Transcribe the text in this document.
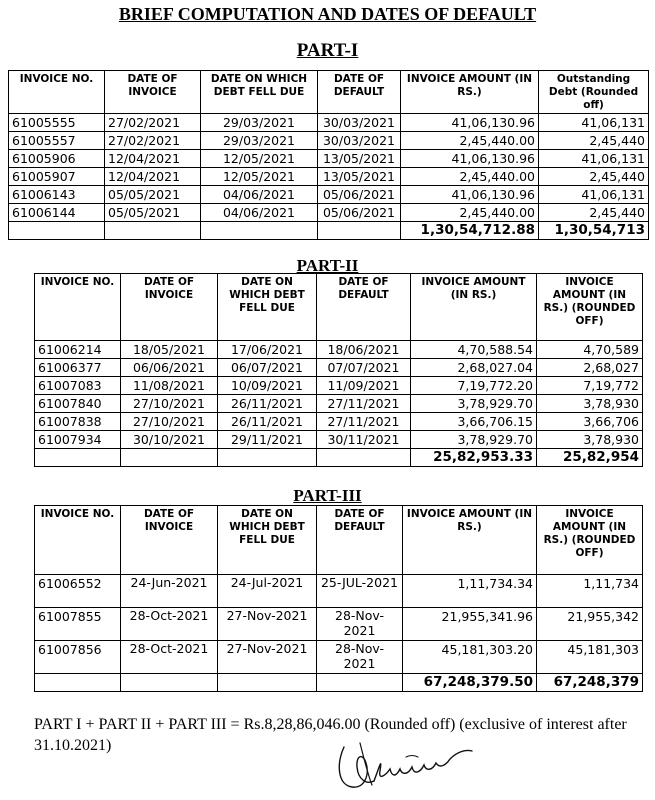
BRIEF COMPUTATION AND DATES OF DEFAULT
PART-I
INVOICE NO.	DATE OF INVOICE	DATE ON WHICH DEBT FELL DUE	DATE OF DEFAULT	INVOICE AMOUNT (IN RS.)	Outstanding Debt (Rounded off)
61005555	27/02/2021	29/03/2021	30/03/2021	41,06,130.96	41,06,131
61005557	27/02/2021	29/03/2021	30/03/2021	2,45,440.00	2,45,440
61005906	12/04/2021	12/05/2021	13/05/2021	41,06,130.96	41,06,131
61005907	12/04/2021	12/05/2021	13/05/2021	2,45,440.00	2,45,440
61006143	05/05/2021	04/06/2021	05/06/2021	41,06,130.96	41,06,131
61006144	05/05/2021	04/06/2021	05/06/2021	2,45,440.00	2,45,440
				1,30,54,712.88	1,30,54,713
PART-II
INVOICE NO.	DATE OF INVOICE	DATE ON WHICH DEBT FELL DUE	DATE OF DEFAULT	INVOICE AMOUNT (IN RS.)	INVOICE AMOUNT (IN RS.) (ROUNDED OFF)
61006214	18/05/2021	17/06/2021	18/06/2021	4,70,588.54	4,70,589
61006377	06/06/2021	06/07/2021	07/07/2021	2,68,027.04	2,68,027
61007083	11/08/2021	10/09/2021	11/09/2021	7,19,772.20	7,19,772
61007840	27/10/2021	26/11/2021	27/11/2021	3,78,929.70	3,78,930
61007838	27/10/2021	26/11/2021	27/11/2021	3,66,706.15	3,66,706
61007934	30/10/2021	29/11/2021	30/11/2021	3,78,929.70	3,78,930
				25,82,953.33	25,82,954
PART-III
INVOICE NO.	DATE OF INVOICE	DATE ON WHICH DEBT FELL DUE	DATE OF DEFAULT	INVOICE AMOUNT (IN RS.)	INVOICE AMOUNT (IN RS.) (ROUNDED OFF)
61006552	24-Jun-2021	24-Jul-2021	25-JUL-2021	1,11,734.34	1,11,734
61007855	28-Oct-2021	27-Nov-2021	28-Nov-2021	21,955,341.96	21,955,342
61007856	28-Oct-2021	27-Nov-2021	28-Nov-2021	45,181,303.20	45,181,303
				67,248,379.50	67,248,379

PART I + PART II + PART III = Rs.8,28,86,046.00 (Rounded off) (exclusive of interest after 31.10.2021)
